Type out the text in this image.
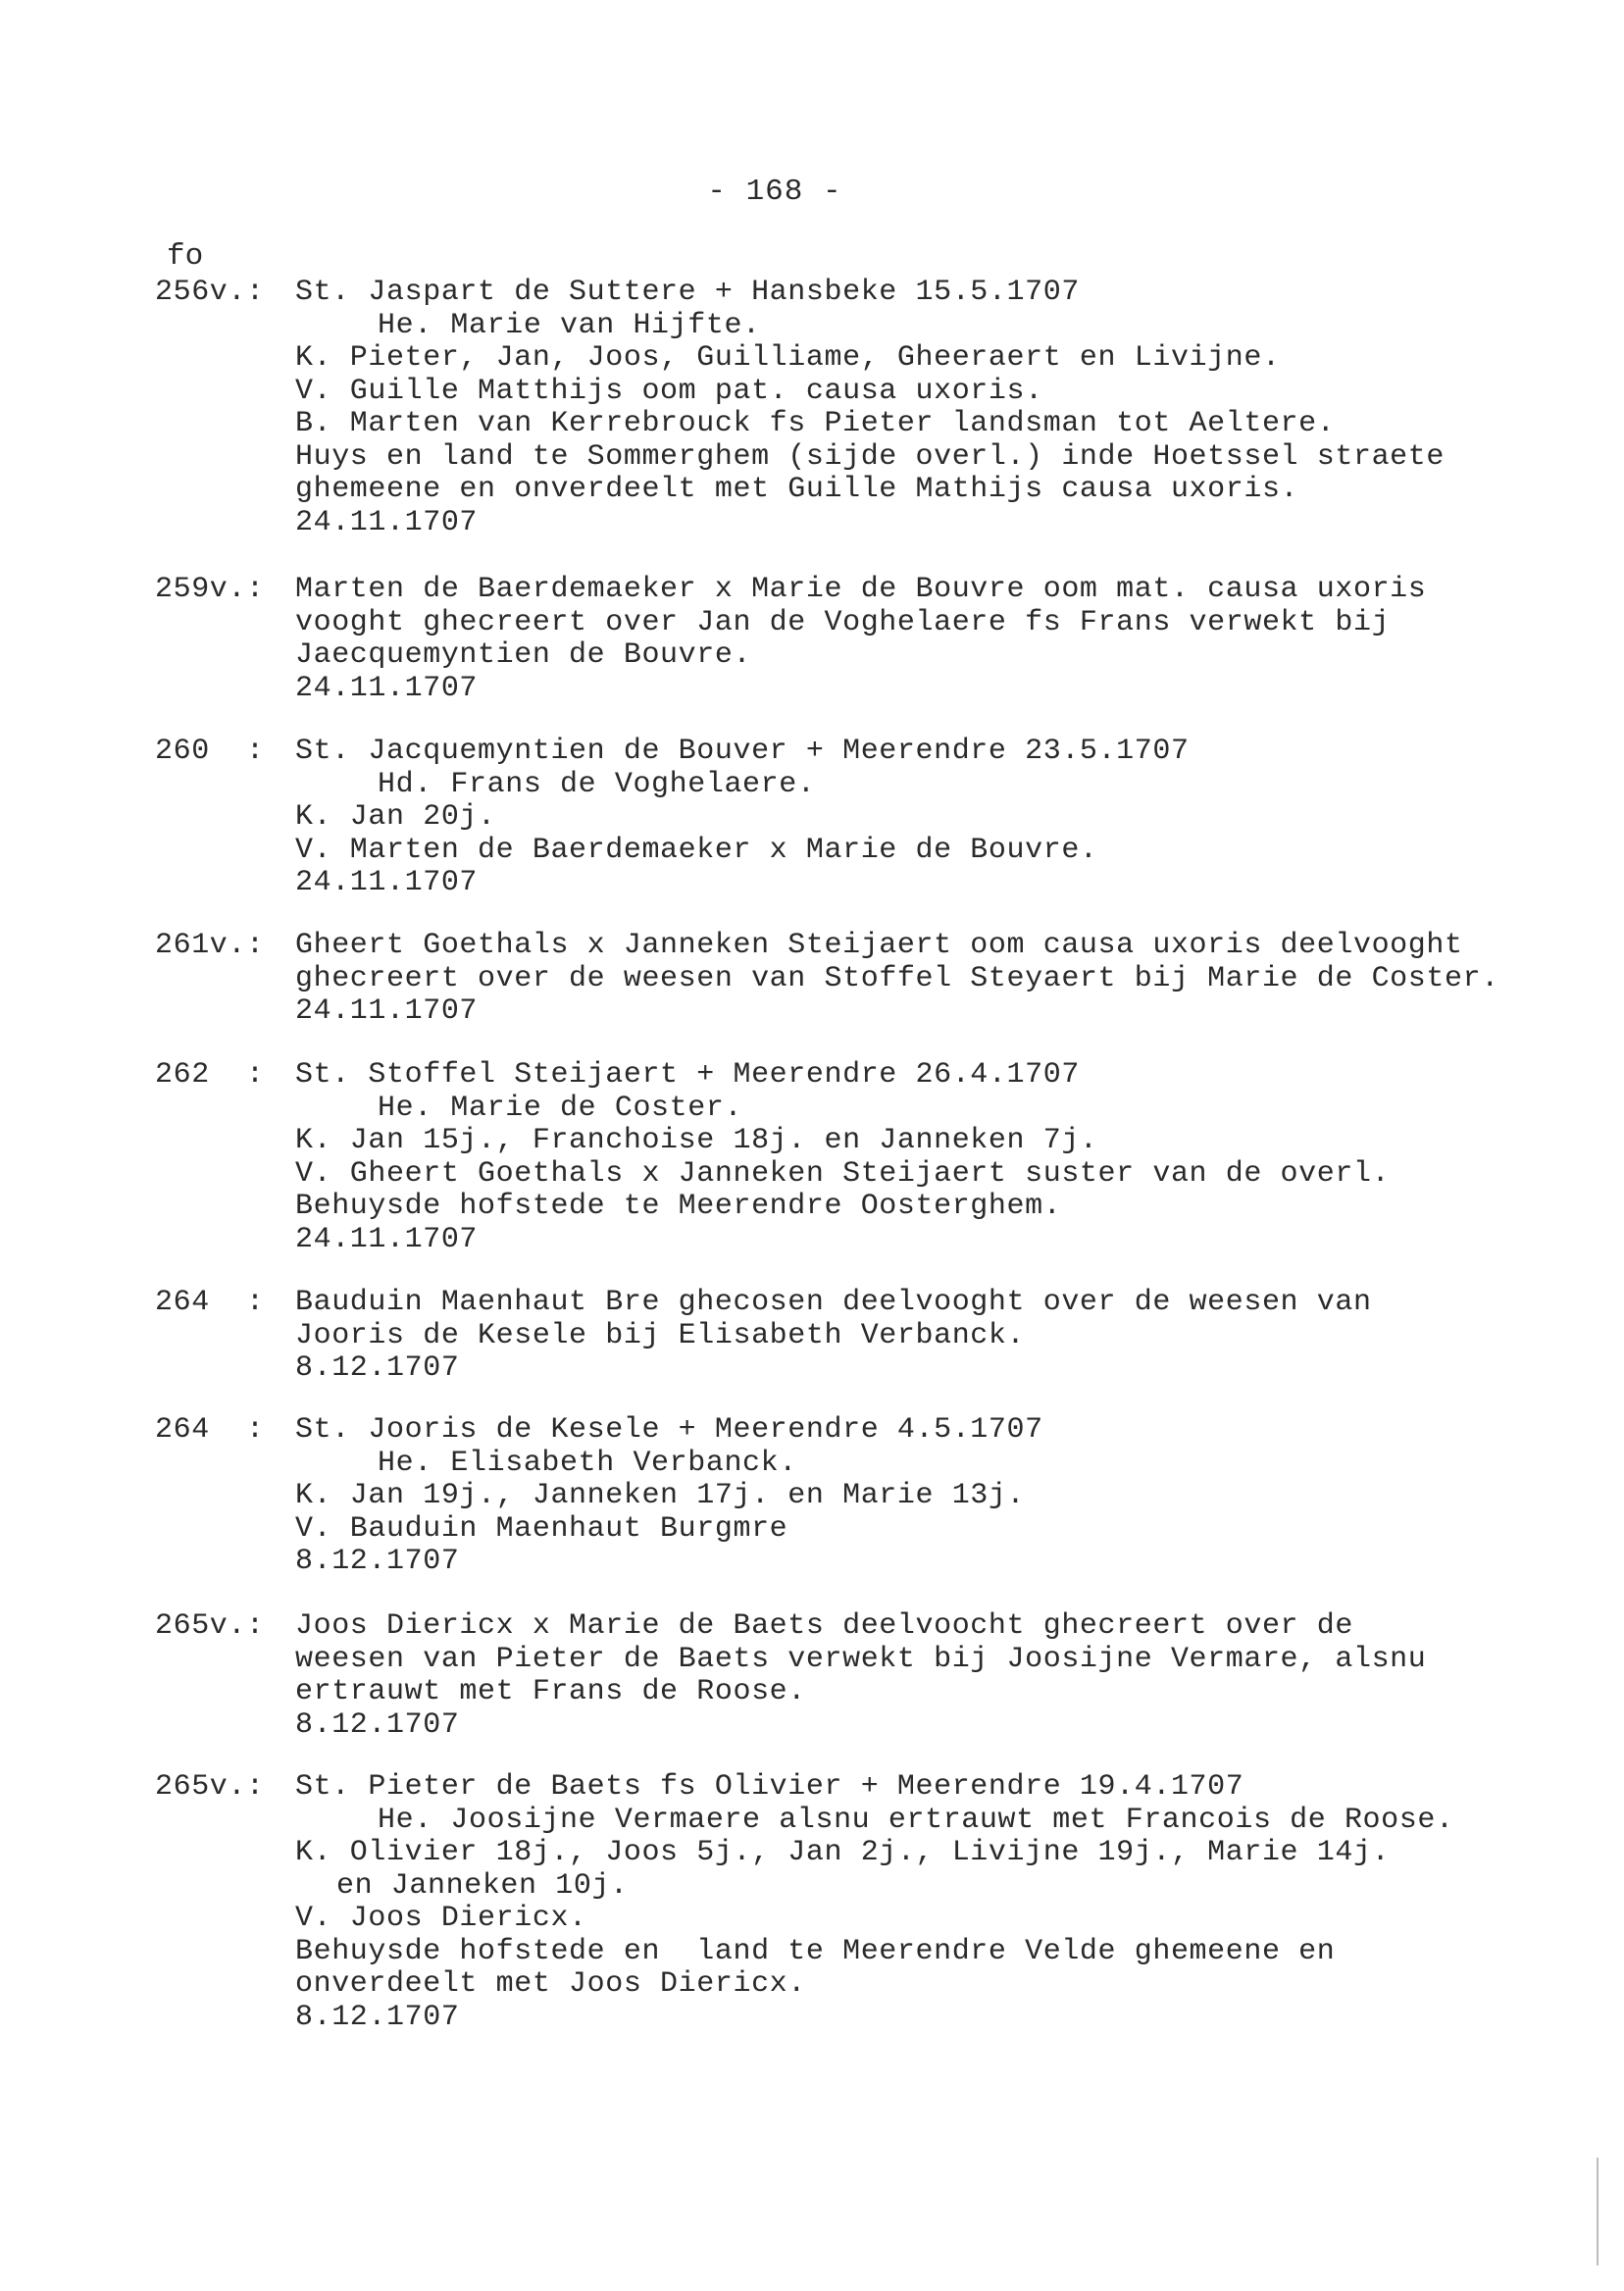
- 168 -
fo
256v.:	St. Jaspart de Suttere + Hansbeke 15.5.1707
He. Marie van Hijfte.
K. Pieter, Jan, Joos, Guilliame, Gheeraert en Livijne.
V. Guille Matthijs oom pat. causa uxoris.
B. Marten van Kerrebrouck fs Pieter landsman tot Aeltere.
Huys en land te Sommerghem (sijde overl.) inde Hoetssel straete
ghemeene en onverdeelt met Guille Mathijs causa uxoris.
24.11.1707
259v.:	Marten de Baerdemaeker x Marie de Bouvre oom mat. causa uxoris
vooght ghecreert over Jan de Voghelaere fs Frans verwekt bij
Jaecquemyntien de Bouvre.
24.11.1707
260  :	St. Jacquemyntien de Bouver + Meerendre 23.5.1707
Hd. Frans de Voghelaere.
K. Jan 20j.
V. Marten de Baerdemaeker x Marie de Bouvre.
24.11.1707
261v.:	Gheert Goethals x Janneken Steijaert oom causa uxoris deelvooght
ghecreert over de weesen van Stoffel Steyaert bij Marie de Coster.
24.11.1707
262  :	St. Stoffel Steijaert + Meerendre 26.4.1707
He. Marie de Coster.
K. Jan 15j., Franchoise 18j. en Janneken 7j.
V. Gheert Goethals x Janneken Steijaert suster van de overl.
Behuysde hofstede te Meerendre Oosterghem.
24.11.1707
264  :	Bauduin Maenhaut Bre ghecosen deelvooght over de weesen van
Jooris de Kesele bij Elisabeth Verbanck.
8.12.1707
264  :	St. Jooris de Kesele + Meerendre 4.5.1707
He. Elisabeth Verbanck.
K. Jan 19j., Janneken 17j. en Marie 13j.
V. Bauduin Maenhaut Burgmre
8.12.1707
265v.:	Joos Diericx x Marie de Baets deelvoocht ghecreert over de
weesen van Pieter de Baets verwekt bij Joosijne Vermare, alsnu
ertrauwt met Frans de Roose.
8.12.1707
265v.:	St. Pieter de Baets fs Olivier + Meerendre 19.4.1707
He. Joosijne Vermaere alsnu ertrauwt met Francois de Roose.
K. Olivier 18j., Joos 5j., Jan 2j., Livijne 19j., Marie 14j.
en Janneken 10j.
V. Joos Diericx.
Behuysde hofstede en  land te Meerendre Velde ghemeene en
onverdeelt met Joos Diericx.
8.12.1707
